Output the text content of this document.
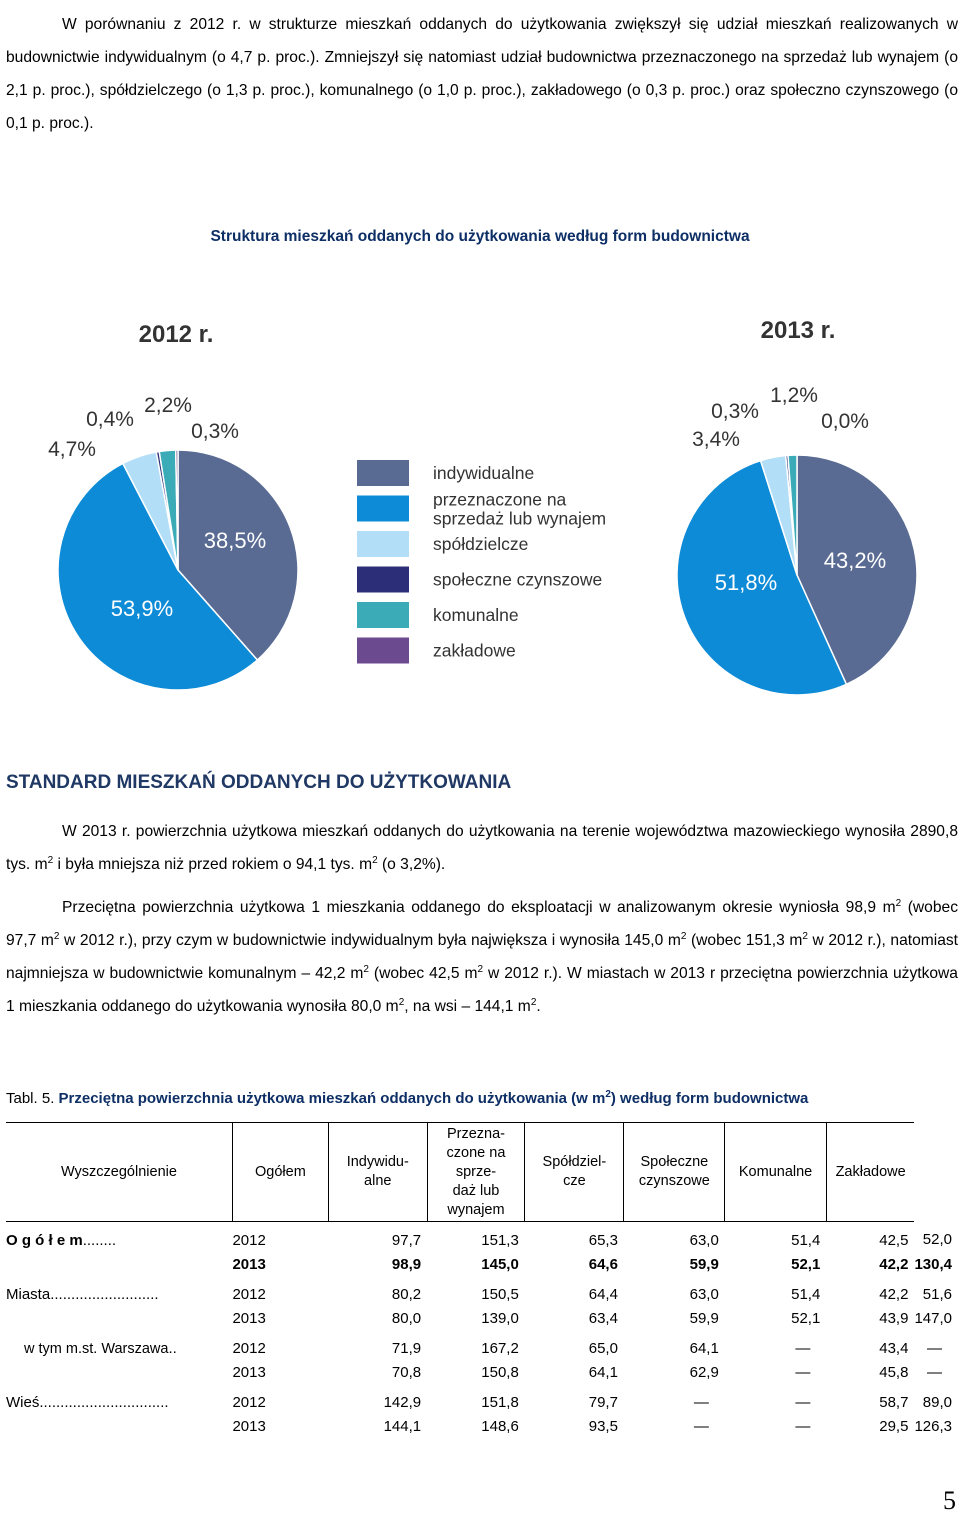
W porównaniu z 2012 r. w strukturze mieszkań oddanych do użytkowania zwiększył się udział mieszkań realizowanych w budownictwie indywidualnym (o 4,7 p. proc.). Zmniejszył się natomiast udział budownictwa przeznaczonego na sprzedaż lub wynajem (o 2,1 p. proc.), spółdzielczego (o 1,3 p. proc.), komunalnego (o 1,0 p. proc.), zakładowego (o 0,3 p. proc.) oraz społeczno czynszowego (o 0,1 p. proc.).

Struktura mieszkań oddanych do użytkowania według form budownictwa
2012 r.
38,5%
53,9%
4,7%
0,4%
2,2%
0,3%
2013 r.
43,2%
51,8%
3,4%
0,3%
1,2%
0,0%
indywidualne
przeznaczone na
sprzedaż lub wynajem
spółdzielcze
społeczne czynszowe
komunalne
zakładowe
STANDARD MIESZKAŃ ODDANYCH DO UŻYTKOWANIA

W 2013 r. powierzchnia użytkowa mieszkań oddanych do użytkowania na terenie województwa mazowieckiego wynosiła 2890,8 tys. $m^2$ i była mniejsza niż przed rokiem o 94,1 tys. $m^2$ (o 3,2%).

Przeciętna powierzchnia użytkowa 1 mieszkania oddanego do eksploatacji w analizowanym okresie wyniosła 98,9 $m^2$ (wobec 97,7 $m^2$ w 2012 r.), przy czym w budownictwie indywidualnym była największa i wynosiła 145,0 $m^2$ (wobec 151,3 $m^2$ w 2012 r.), natomiast najmniejsza w budownictwie komunalnym – 42,2 $m^2$ (wobec 42,5 $m^2$ w 2012 r.). W miastach w 2013 r przeciętna powierzchnia użytkowa 1 mieszkania oddanego do użytkowania wynosiła 80,0 $m^2$, na wsi – 144,1 $m^2$.

Tabl. 5. Przeciętna powierzchnia użytkowa mieszkań oddanych do użytkowania (w $m^2$) według form budownictwa
Wyszczególnienie	Ogółem	Indywidu-
alne	Przezna-
czone na
sprze-
daż lub
wynajem	Spółdziel-
cze	Społeczne
czynszowe	Komunalne	Zakładowe	
O g ó ł e m........	2012	97,7	151,3	65,3	63,0	51,4	42,5	52,0
	2013	98,9	145,0	64,6	59,9	52,1	42,2	130,4

Miasta..........................	2012	80,2	150,5	64,4	63,0	51,4	42,2	51,6
	2013	80,0	139,0	63,4	59,9	52,1	43,9	147,0

w tym m.st. Warszawa..	2012	71,9	167,2	65,0	64,1	—	43,4	—
	2013	70,8	150,8	64,1	62,9	—	45,8	—

Wieś...............................	2012	142,9	151,8	79,7	—	—	58,7	89,0
	2013	144,1	148,6	93,5	—	—	29,5	126,3
5
